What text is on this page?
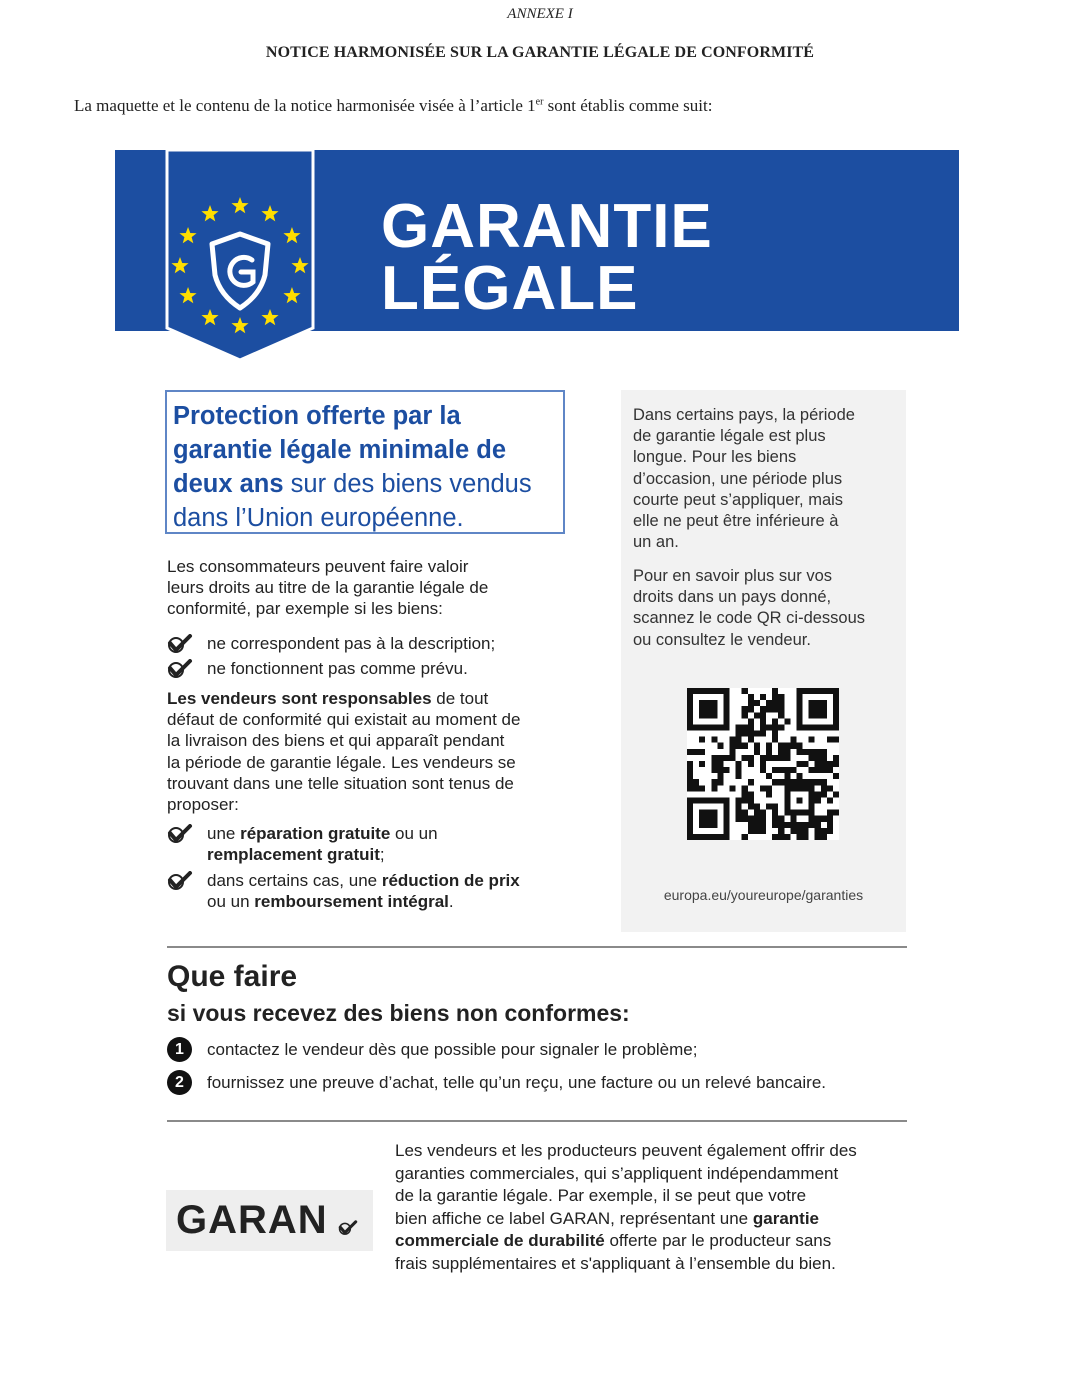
ANNEXE I
NOTICE HARMONISÉE SUR LA GARANTIE LÉGALE DE CONFORMITÉ
La maquette et le contenu de la notice harmonisée visée à l’article 1er sont établis comme suit:
GARANTIE
LÉGALE
Protection offerte par la
garantie légale minimale de
deux ans sur des biens vendus
dans l’Union européenne.
Les consommateurs peuvent faire valoir
leurs droits au titre de la garantie légale de
conformité, par exemple si les biens:
ne correspondent pas à la description;
ne fonctionnent pas comme prévu.
Les vendeurs sont responsables de tout
défaut de conformité qui existait au moment de
la livraison des biens et qui apparaît pendant
la période de garantie légale. Les vendeurs se
trouvant dans une telle situation sont tenus de
proposer:
une réparation gratuite ou un
remplacement gratuit;
dans certains cas, une réduction de prix
ou un remboursement intégral.
Dans certains pays, la période
de garantie légale est plus
longue. Pour les biens
d’occasion, une période plus
courte peut s’appliquer, mais
elle ne peut être inférieure à
un an.
Pour en savoir plus sur vos
droits dans un pays donné,
scannez le code QR ci-dessous
ou consultez le vendeur.
europa.eu/youreurope/garanties
Que faire
si vous recevez des biens non conformes:
1	contactez le vendeur dès que possible pour signaler le problème;
2	fournissez une preuve d’achat, telle qu’un reçu, une facture ou un relevé bancaire.
GARAN
Les vendeurs et les producteurs peuvent également offrir des
garanties commerciales, qui s’appliquent indépendamment
de la garantie légale. Par exemple, il se peut que votre
bien affiche ce label GARAN, représentant une garantie
commerciale de durabilité offerte par le producteur sans
frais supplémentaires et s'appliquant à l’ensemble du bien.
